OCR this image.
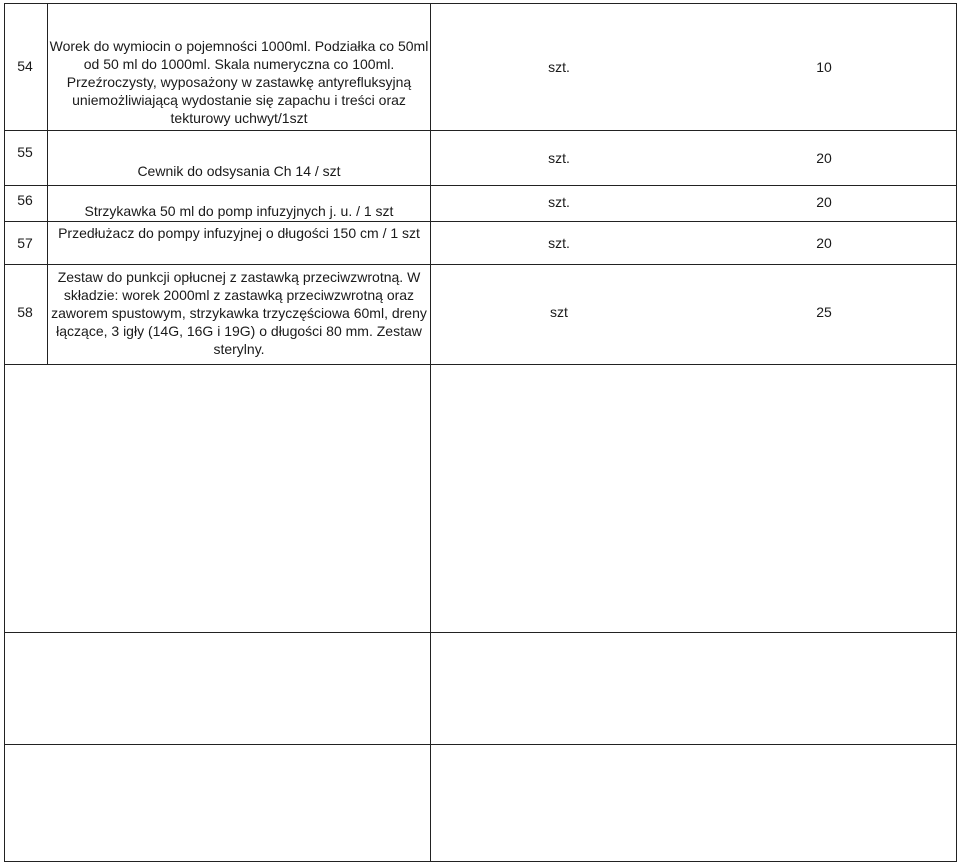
54
Worek do wymiocin o pojemności 1000ml. Podziałka co 50ml od 50 ml do 1000ml. Skala numeryczna co 100ml. Przeźroczysty, wyposażony w zastawkę antyrefluksyjną uniemożliwiającą wydostanie się zapachu i treści oraz tekturowy uchwyt/1szt
szt.	10
55
Cewnik do odsysania Ch 14 / szt
szt.	20
56
Strzykawka 50 ml do pomp infuzyjnych j. u. / 1 szt
szt.	20
57
Przedłużacz do pompy infuzyjnej o długości 150 cm / 1 szt
szt.	20
58
Zestaw do punkcji opłucnej z zastawką przeciwzwrotną. W składzie: worek 2000ml z zastawką przeciwzwrotną oraz zaworem spustowym, strzykawka trzyczęściowa 60ml, dreny łączące, 3 igły (14G, 16G i 19G) o długości 80 mm. Zestaw sterylny.
szt	25
